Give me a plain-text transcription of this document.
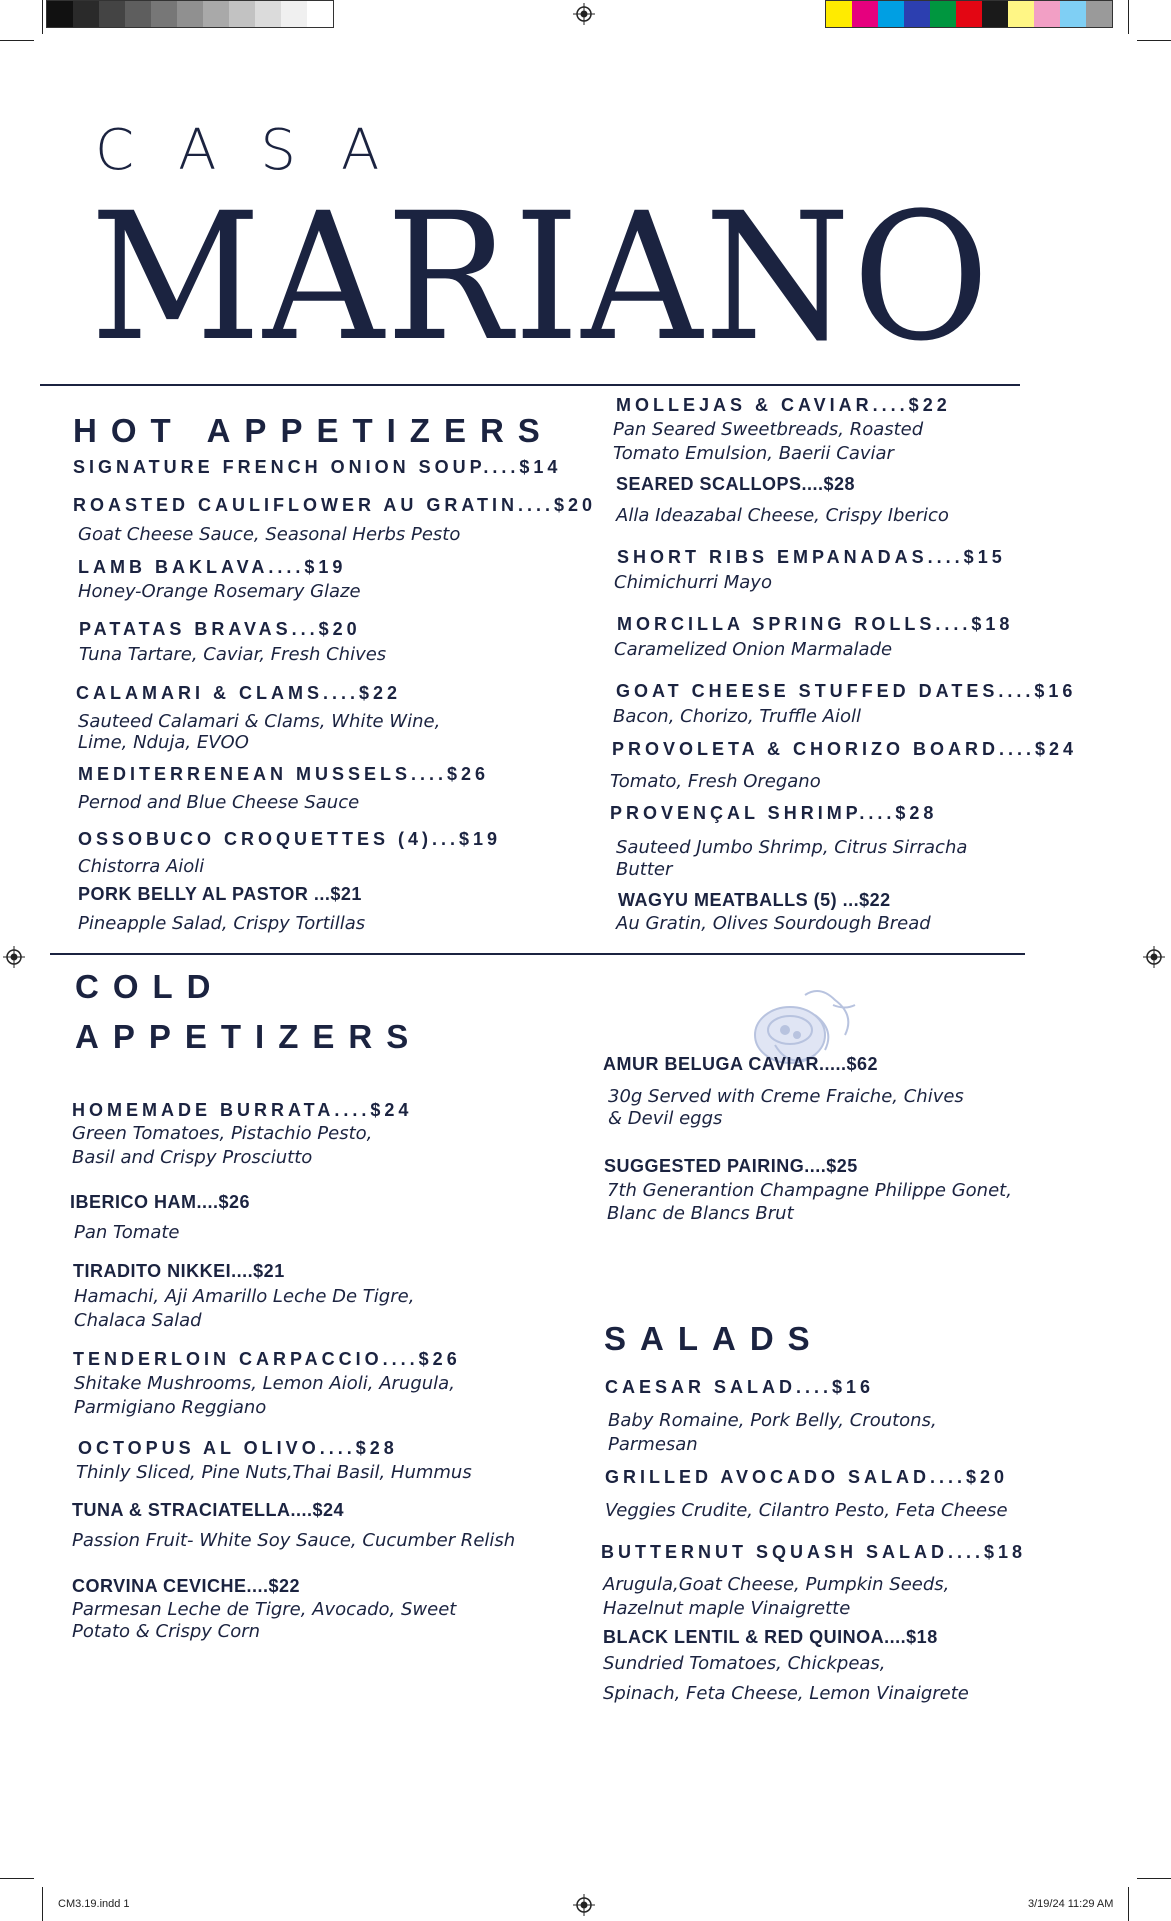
CASA
MARIANO
HOT APPETIZERS
COLD
APPETIZERS
SALADS
SIGNATURE FRENCH ONION SOUP....$14
ROASTED CAULIFLOWER AU GRATIN....$20
Goat Cheese Sauce, Seasonal Herbs Pesto
LAMB BAKLAVA....$19
Honey-Orange Rosemary Glaze
PATATAS BRAVAS...$20
Tuna Tartare, Caviar, Fresh Chives
CALAMARI & CLAMS....$22
Sauteed Calamari & Clams, White Wine,
Lime, Nduja, EVOO
MEDITERRENEAN MUSSELS....$26
Pernod and Blue Cheese Sauce
OSSOBUCO CROQUETTES (4)...$19
Chistorra Aioli
PORK BELLY AL PASTOR ...$21
Pineapple Salad, Crispy Tortillas
MOLLEJAS & CAVIAR....$22
Pan Seared Sweetbreads, Roasted
Tomato Emulsion, Baerii Caviar
SEARED SCALLOPS....$28
Alla Ideazabal Cheese, Crispy Iberico
SHORT RIBS EMPANADAS....$15
Chimichurri Mayo
MORCILLA SPRING ROLLS....$18
Caramelized Onion Marmalade
GOAT CHEESE STUFFED DATES....$16
Bacon, Chorizo, Truffle Aioll
PROVOLETA & CHORIZO BOARD....$24
Tomato, Fresh Oregano
PROVENÇAL SHRIMP....$28
Sauteed Jumbo Shrimp, Citrus Sirracha
Butter
WAGYU MEATBALLS (5) ...$22
Au Gratin, Olives Sourdough Bread
HOMEMADE BURRATA....$24
Green Tomatoes, Pistachio Pesto,
Basil and Crispy Prosciutto
IBERICO HAM....$26
Pan Tomate
TIRADITO NIKKEI....$21
Hamachi, Aji Amarillo Leche De Tigre,
Chalaca Salad
TENDERLOIN CARPACCIO....$26
Shitake Mushrooms, Lemon Aioli, Arugula,
Parmigiano Reggiano
OCTOPUS AL OLIVO....$28
Thinly Sliced, Pine Nuts,Thai Basil, Hummus
TUNA & STRACIATELLA....$24
Passion Fruit- White Soy Sauce, Cucumber Relish
CORVINA CEVICHE....$22
Parmesan Leche de Tigre, Avocado, Sweet
Potato & Crispy Corn
AMUR BELUGA CAVIAR.....$62
30g Served with Creme Fraiche, Chives
& Devil eggs
SUGGESTED PAIRING....$25
7th Generantion Champagne Philippe Gonet,
Blanc de Blancs Brut
CAESAR SALAD....$16
Baby Romaine, Pork Belly, Croutons,
Parmesan
GRILLED AVOCADO SALAD....$20
Veggies Crudite, Cilantro Pesto, Feta Cheese
BUTTERNUT SQUASH SALAD....$18
Arugula,Goat Cheese, Pumpkin Seeds,
Hazelnut maple Vinaigrette
BLACK LENTIL & RED QUINOA....$18
Sundried Tomatoes, Chickpeas,
Spinach, Feta Cheese, Lemon Vinaigrete
CM3.19.indd 1	3/19/24 11:29 AM
